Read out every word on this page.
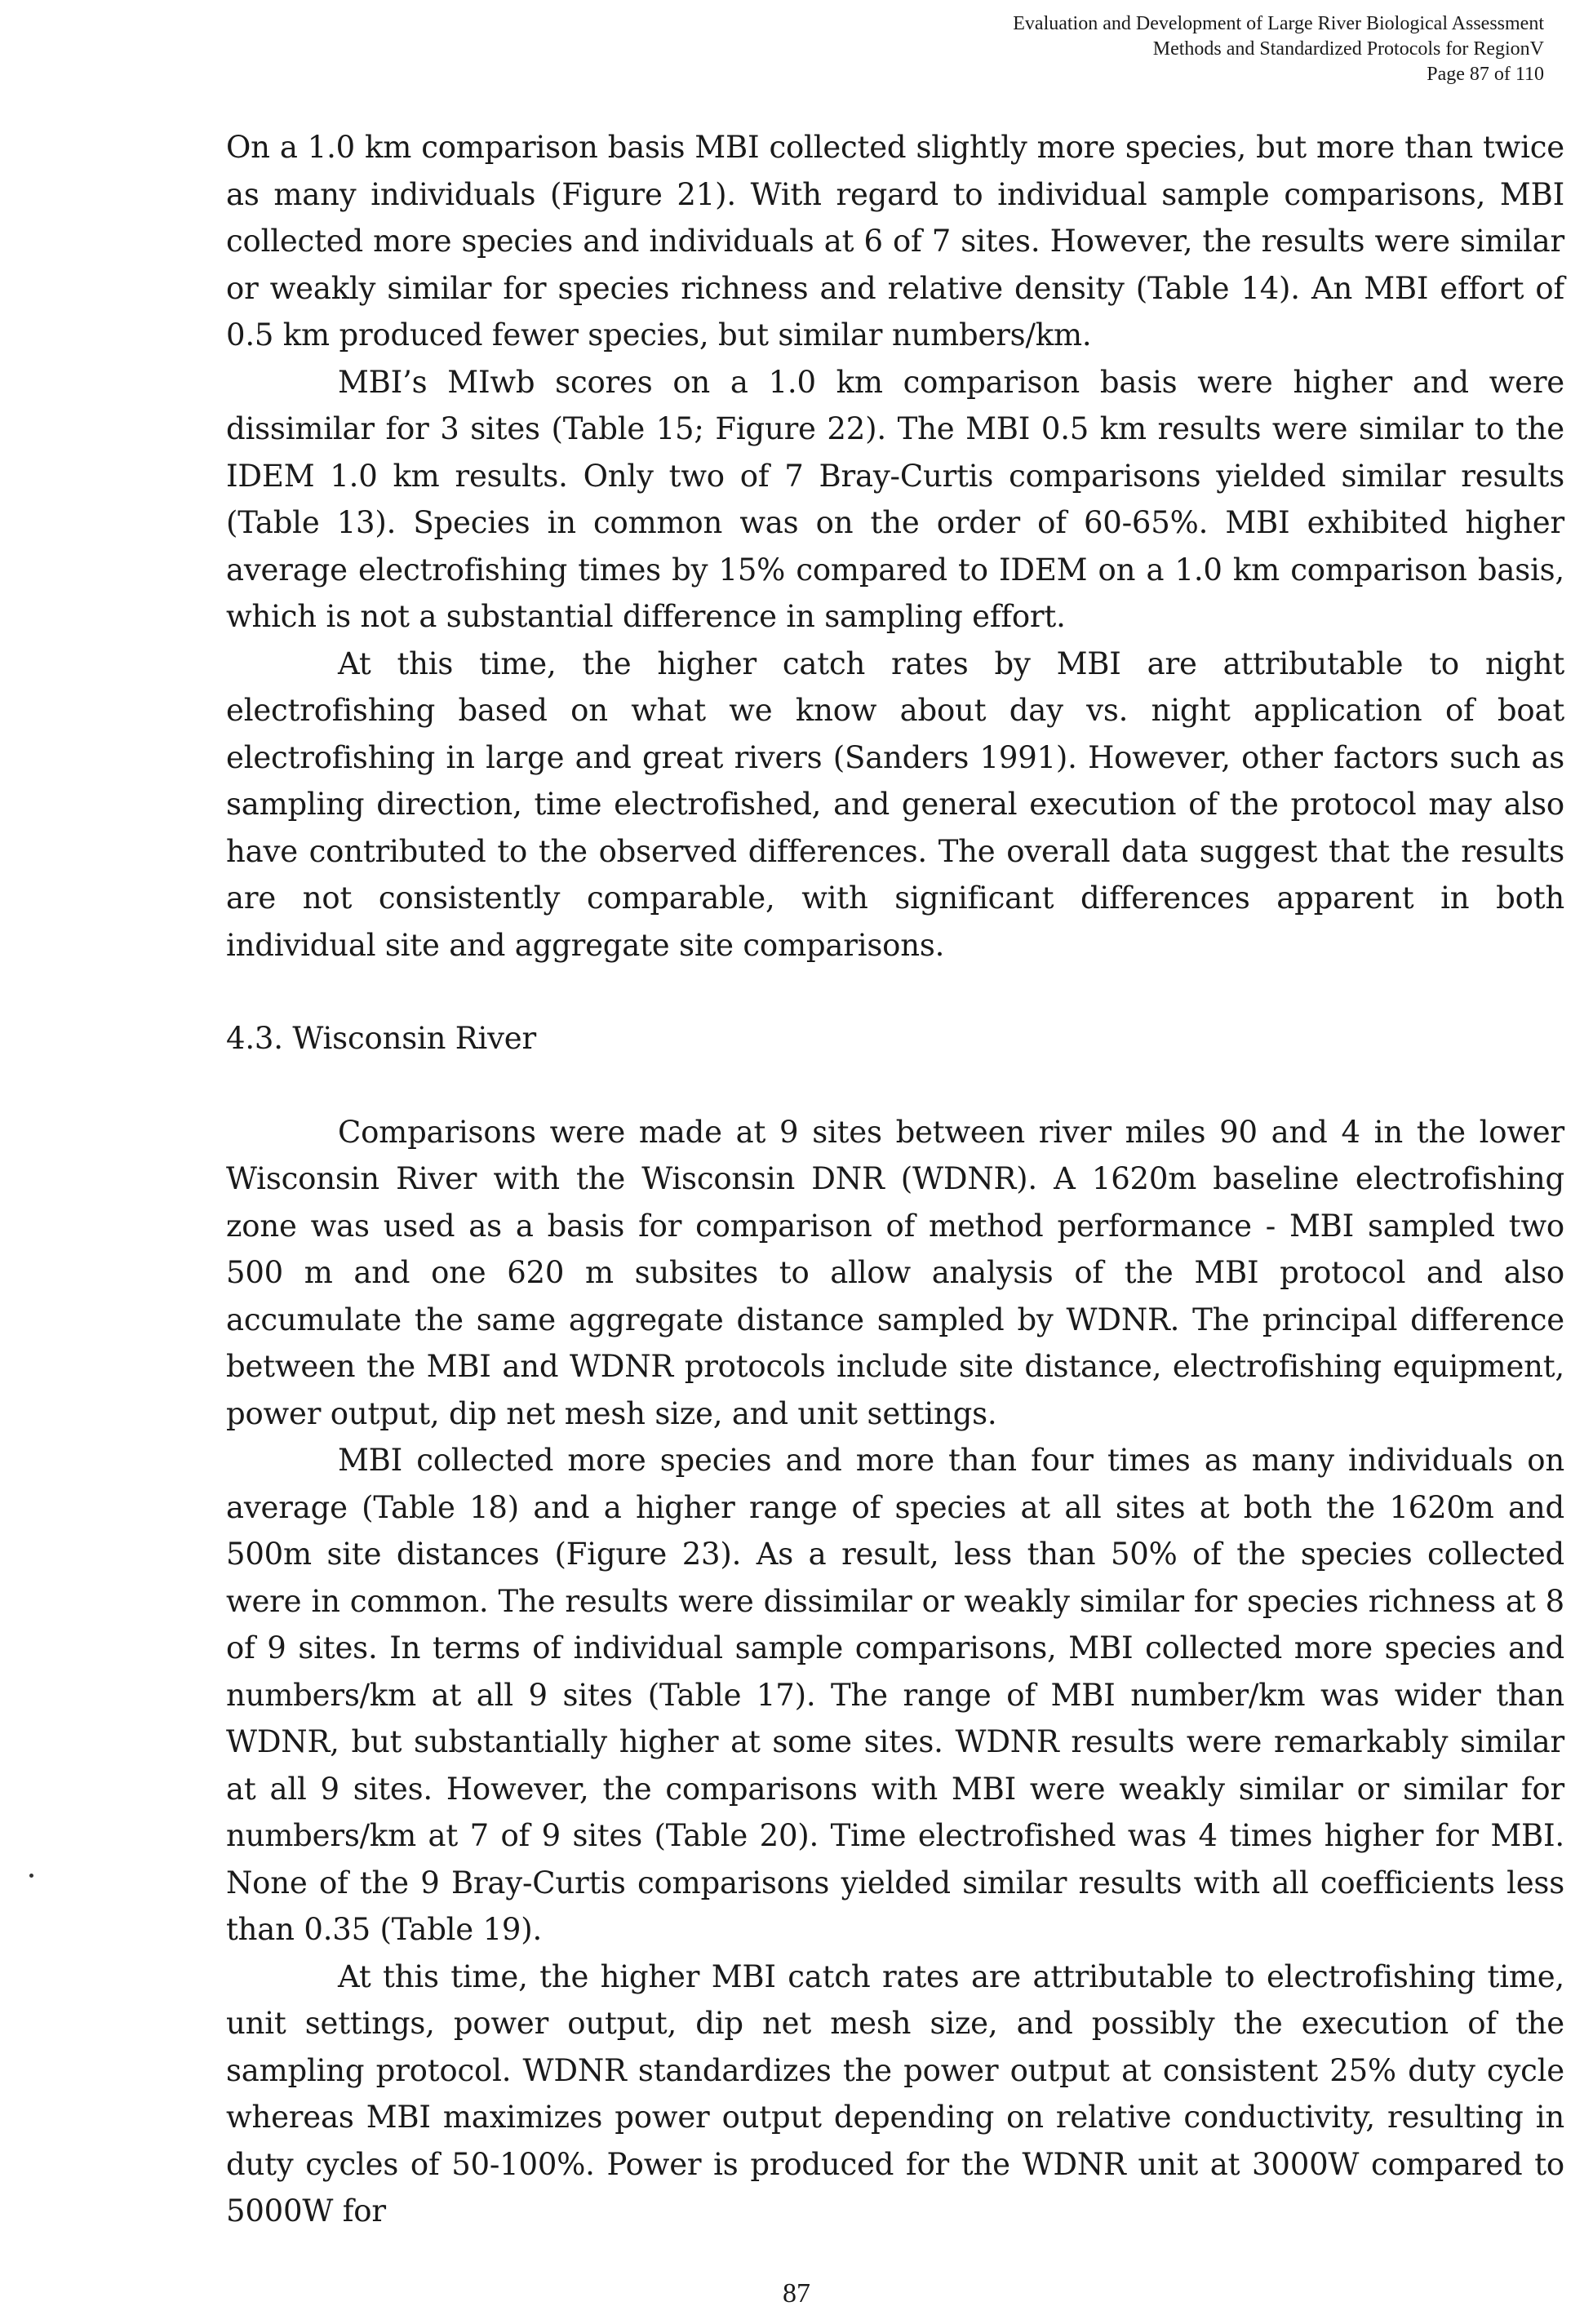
Evaluation and Development of Large River Biological Assessment
Methods and Standardized Protocols for RegionV
Page 87 of 110

On a 1.0 km comparison basis MBI collected slightly more species, but more than twice as many individuals (Figure 21). With regard to individual sample comparisons, MBI collected more species and individuals at 6 of 7 sites. However, the results were similar or weakly similar for species richness and relative density (Table 14). An MBI effort of 0.5 km produced fewer species, but similar numbers/km.

MBI’s MIwb scores on a 1.0 km comparison basis were higher and were dissimilar for 3 sites (Table 15; Figure 22). The MBI 0.5 km results were similar to the IDEM 1.0 km results. Only two of 7 Bray-Curtis comparisons yielded similar results (Table 13). Species in common was on the order of 60-65%. MBI exhibited higher average electrofishing times by 15% compared to IDEM on a 1.0 km comparison basis, which is not a substantial difference in sampling effort.

At this time, the higher catch rates by MBI are attributable to night electrofishing based on what we know about day vs. night application of boat electrofishing in large and great rivers (Sanders 1991). However, other factors such as sampling direction, time electrofished, and general execution of the protocol may also have contributed to the observed differences. The overall data suggest that the results are not consistently comparable, with significant differences apparent in both individual site and aggregate site comparisons.

4.3. Wisconsin River

Comparisons were made at 9 sites between river miles 90 and 4 in the lower Wisconsin River with the Wisconsin DNR (WDNR). A 1620m baseline electrofishing zone was used as a basis for comparison of method performance - MBI sampled two 500 m and one 620 m subsites to allow analysis of the MBI protocol and also accumulate the same aggregate distance sampled by WDNR. The principal difference between the MBI and WDNR protocols include site distance, electrofishing equipment, power output, dip net mesh size, and unit settings.

MBI collected more species and more than four times as many individuals on average (Table 18) and a higher range of species at all sites at both the 1620m and 500m site distances (Figure 23). As a result, less than 50% of the species collected were in common. The results were dissimilar or weakly similar for species richness at 8 of 9 sites. In terms of individual sample comparisons, MBI collected more species and numbers/km at all 9 sites (Table 17). The range of MBI number/km was wider than WDNR, but substantially higher at some sites. WDNR results were remarkably similar at all 9 sites. However, the comparisons with MBI were weakly similar or similar for numbers/km at 7 of 9 sites (Table 20). Time electrofished was 4 times higher for MBI. None of the 9 Bray-Curtis comparisons yielded similar results with all coefficients less than 0.35 (Table 19).

At this time, the higher MBI catch rates are attributable to electrofishing time, unit settings, power output, dip net mesh size, and possibly the execution of the sampling protocol. WDNR standardizes the power output at consistent 25% duty cycle whereas MBI maximizes power output depending on relative conductivity, resulting in duty cycles of 50-100%. Power is produced for the WDNR unit at 3000W compared to 5000W for

87
